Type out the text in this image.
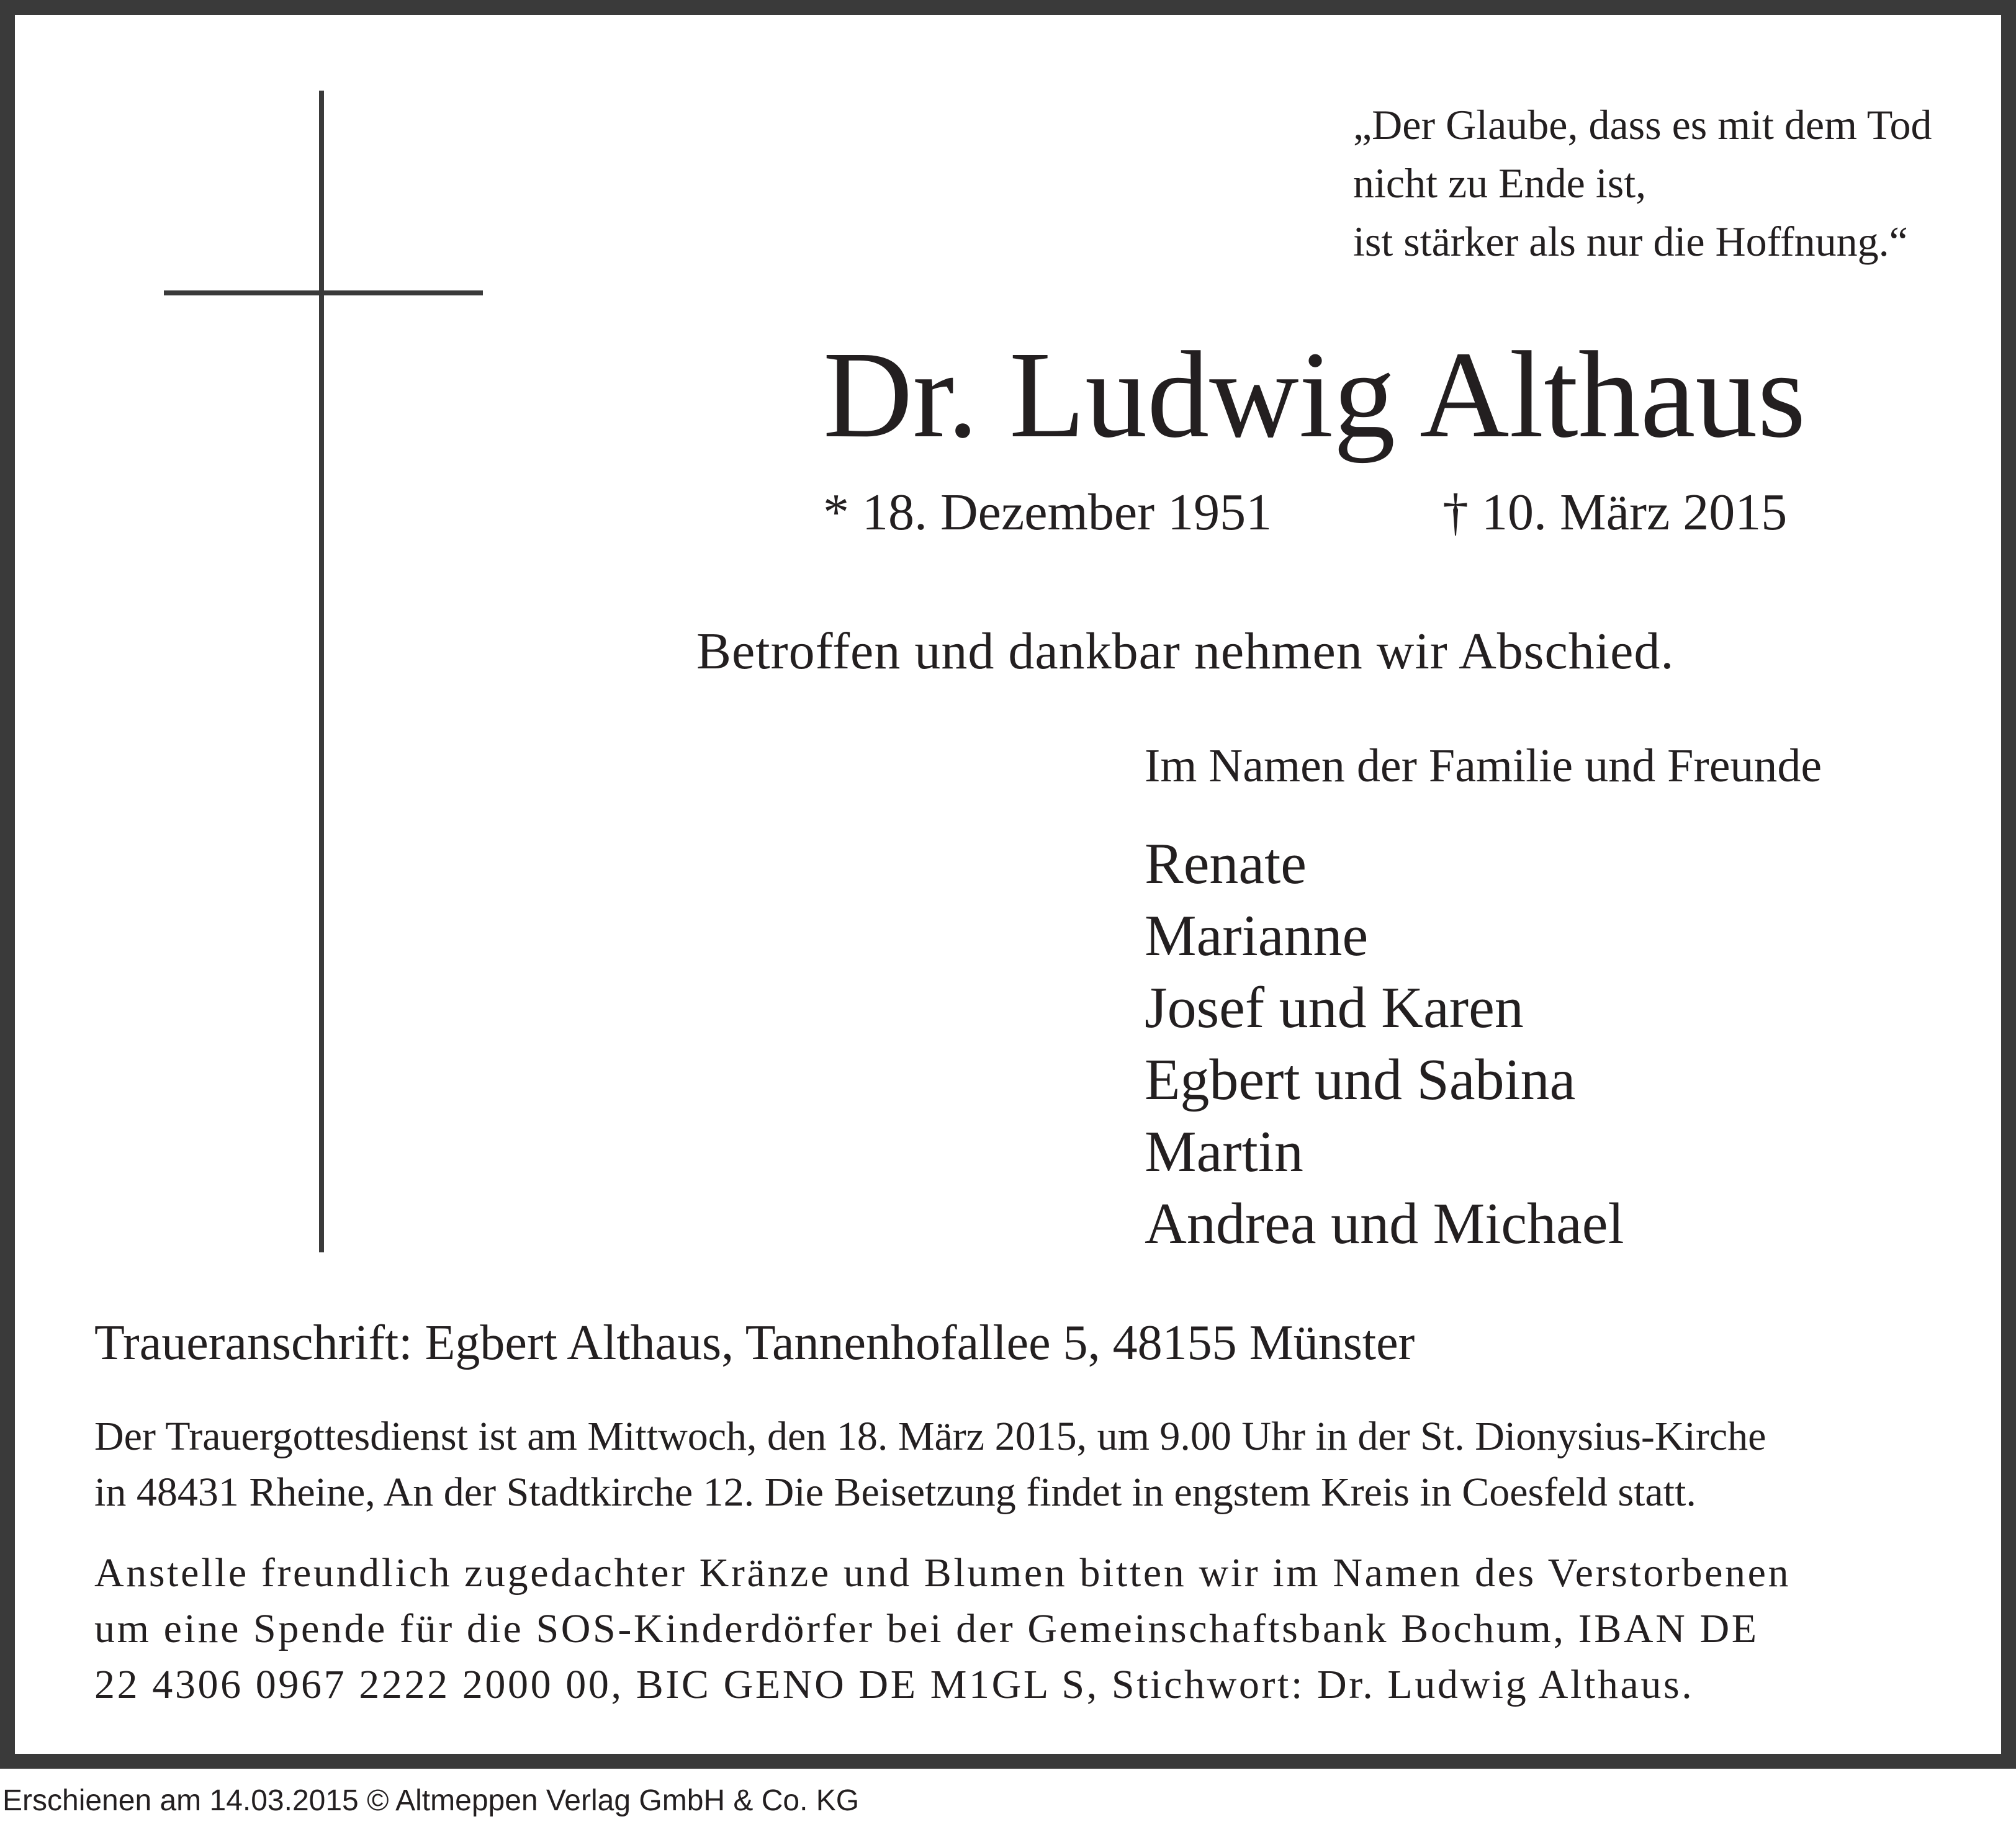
„Der Glaube, dass es mit dem Tod
nicht zu Ende ist,
ist stärker als nur die Hoffnung.“
Dr. Ludwig Althaus
* 18. Dezember 1951	† 10. März 2015
Betroffen und dankbar nehmen wir Abschied.
Im Namen der Familie und Freunde
Renate
Marianne
Josef und Karen
Egbert und Sabina
Martin
Andrea und Michael
Traueranschrift: Egbert Althaus, Tannenhofallee 5, 48155 Münster
Der Trauergottesdienst ist am Mittwoch, den 18. März 2015, um 9.00 Uhr in der St. Dionysius-Kirche
in 48431 Rheine, An der Stadtkirche 12. Die Beisetzung findet in engstem Kreis in Coesfeld statt.
Anstelle freundlich zugedachter Kränze und Blumen bitten wir im Namen des Verstorbenen
um eine Spende für die SOS-Kinderdörfer bei der Gemeinschaftsbank Bochum, IBAN DE
22 4306 0967 2222 2000 00, BIC GENO DE M1GL S, Stichwort: Dr. Ludwig Althaus.
Erschienen am 14.03.2015 © Altmeppen Verlag GmbH & Co. KG
